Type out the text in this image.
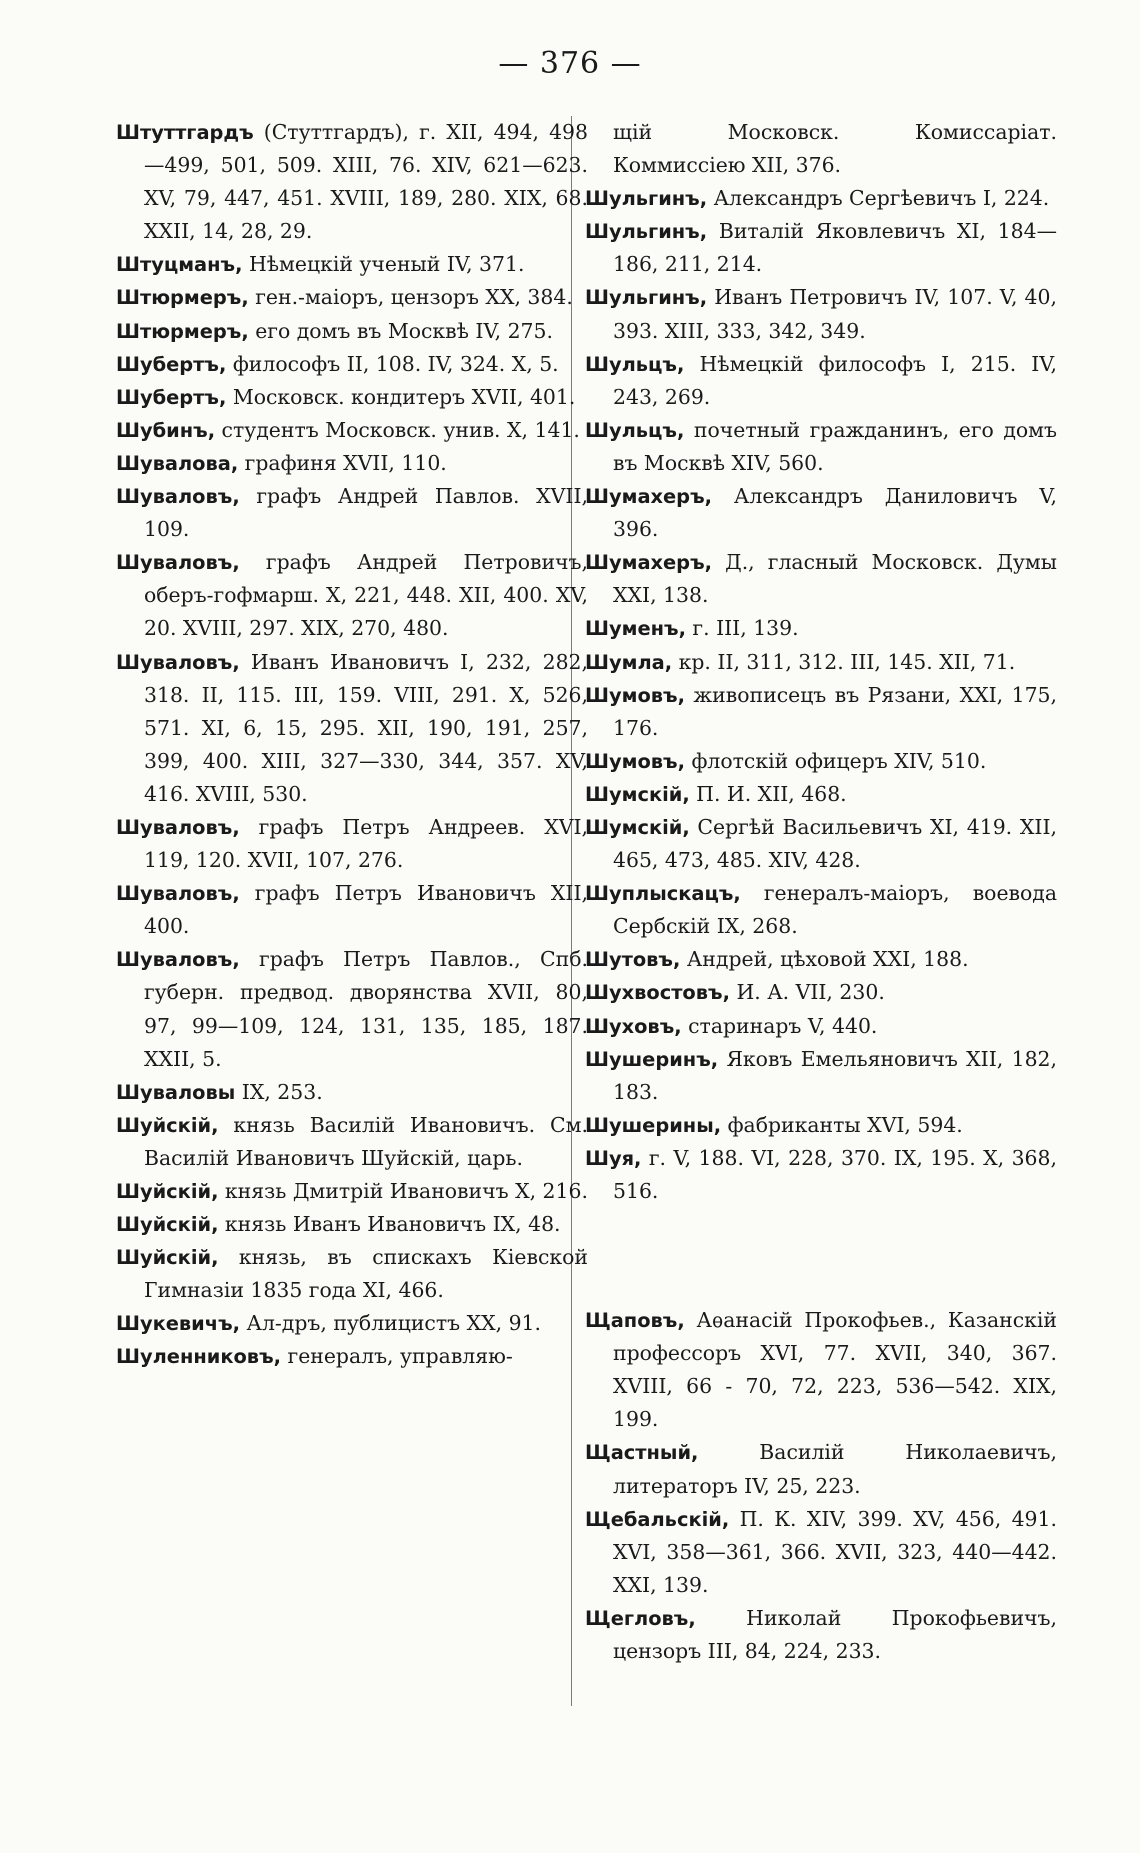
— 376 —
Штуттгардъ (Стуттгардъ), г. XII, 494, 498—499, 501, 509. XIII, 76. XIV, 621—623. XV, 79, 447, 451. XVIII, 189, 280. XIX, 68. XXII, 14, 28, 29.
Штуцманъ, Нѣмецкій ученый IV, 371.
Штюрмеръ, ген.-маіоръ, цензоръ XX, 384.
Штюрмеръ, его домъ въ Москвѣ IV, 275.
Шубертъ, философъ II, 108. IV, 324. X, 5.
Шубертъ, Московск. кондитеръ XVII, 401.
Шубинъ, студентъ Московск. унив. X, 141.
Шувалова, графиня XVII, 110.
Шуваловъ, графъ Андрей Павлов. XVII, 109.
Шуваловъ, графъ Андрей Петровичъ, оберъ-гофмарш. X, 221, 448. XII, 400. XV, 20. XVIII, 297. XIX, 270, 480.
Шуваловъ, Иванъ Ивановичъ I, 232, 282, 318. II, 115. III, 159. VIII, 291. X, 526, 571. XI, 6, 15, 295. XII, 190, 191, 257, 399, 400. XIII, 327—330, 344, 357. XV, 416. XVIII, 530.
Шуваловъ, графъ Петръ Андреев. XVI, 119, 120. XVII, 107, 276.
Шуваловъ, графъ Петръ Ивановичъ XII, 400.
Шуваловъ, графъ Петръ Павлов., Спб. губерн. предвод. дворянства XVII, 80, 97, 99—109, 124, 131, 135, 185, 187. XXII, 5.
Шуваловы IX, 253.
Шуйскій, князь Василій Ивановичъ. См. Василій Ивановичъ Шуйскій, царь.
Шуйскій, князь Дмитрій Ивановичъ X, 216.
Шуйскій, князь Иванъ Ивановичъ IX, 48.
Шуйскій, князь, въ спискахъ Кіевской Гимназіи 1835 года XI, 466.
Шукевичъ, Ал-дръ, публицистъ XX, 91.
Шуленниковъ, генералъ, управляю-
щій Московск. Комиссаріат. Коммиссіею XII, 376.
Шульгинъ, Александръ Сергѣевичъ I, 224.
Шульгинъ, Виталій Яковлевичъ XI, 184—186, 211, 214.
Шульгинъ, Иванъ Петровичъ IV, 107. V, 40, 393. XIII, 333, 342, 349.
Шульцъ, Нѣмецкій философъ I, 215. IV, 243, 269.
Шульцъ, почетный гражданинъ, его домъ въ Москвѣ XIV, 560.
Шумахеръ, Александръ Даниловичъ V, 396.
Шумахеръ, Д., гласный Московск. Думы XXI, 138.
Шуменъ, г. III, 139.
Шумла, кр. II, 311, 312. III, 145. XII, 71.
Шумовъ, живописецъ въ Рязани, XXI, 175, 176.
Шумовъ, флотскій офицеръ XIV, 510.
Шумскій, П. И. XII, 468.
Шумскій, Сергѣй Васильевичъ XI, 419. XII, 465, 473, 485. XIV, 428.
Шуплыскацъ, генералъ-маіоръ, воевода Сербскій IX, 268.
Шутовъ, Андрей, цѣховой XXI, 188.
Шухвостовъ, И. А. VII, 230.
Шуховъ, старинаръ V, 440.
Шушеринъ, Яковъ Емельяновичъ XII, 182, 183.
Шушерины, фабриканты XVI, 594.
Шуя, г. V, 188. VI, 228, 370. IX, 195. X, 368, 516.
Щаповъ, Аѳанасій Прокофьев., Казанскій профессоръ XVI, 77. XVII, 340, 367. XVIII, 66 - 70, 72, 223, 536—542. XIX, 199.
Щастный, Василій Николаевичъ, литераторъ IV, 25, 223.
Щебальскій, П. К. XIV, 399. XV, 456, 491. XVI, 358—361, 366. XVII, 323, 440—442. XXI, 139.
Щегловъ, Николай Прокофьевичъ, цензоръ III, 84, 224, 233.
